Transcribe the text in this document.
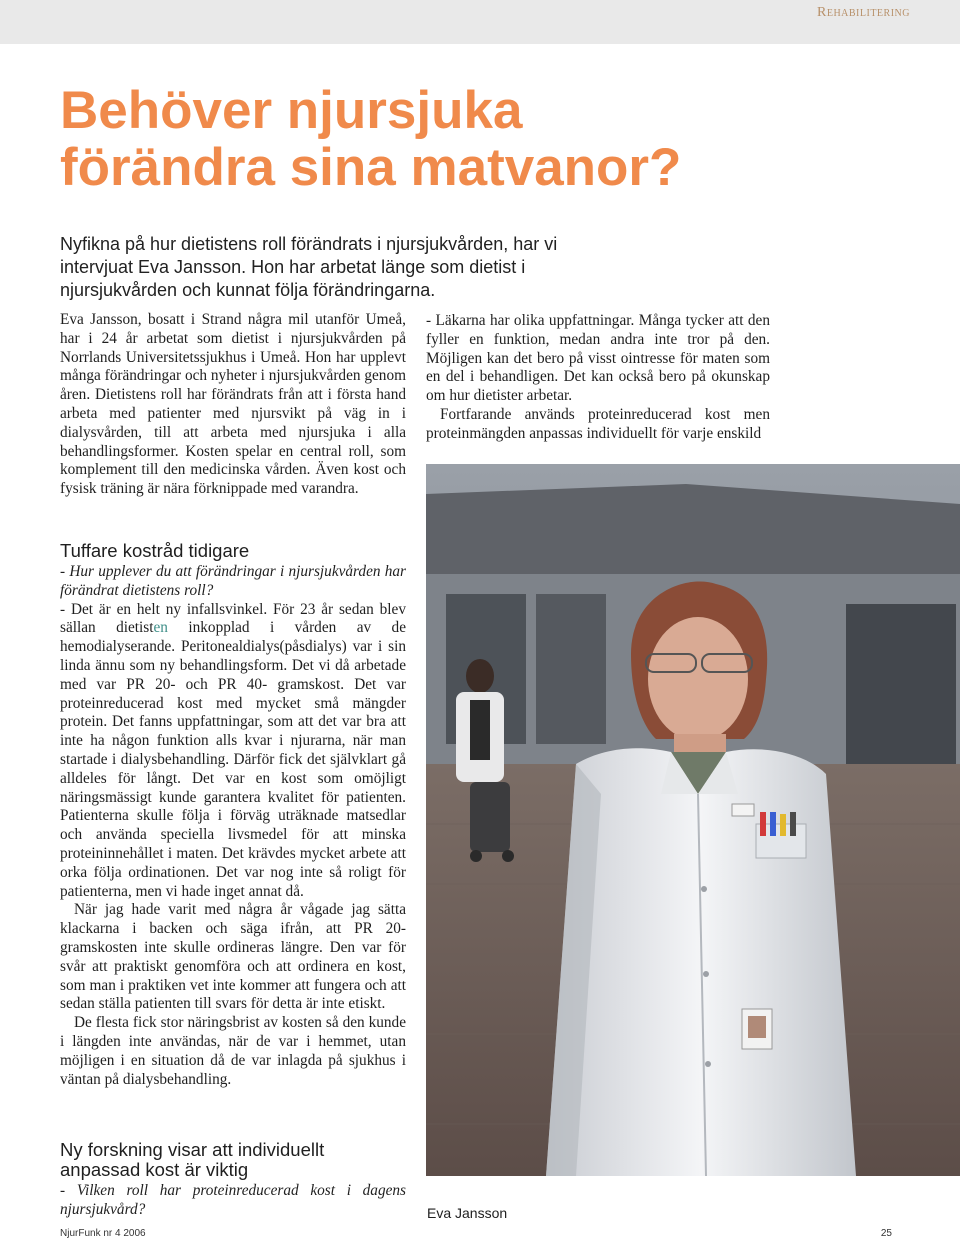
Rehabilitering
Behöver njursjuka
förändra sina matvanor?
Nyfikna på hur dietistens roll förändrats i njursjukvården, har vi
intervjuat Eva Jansson. Hon har arbetat länge som dietist i
njursjukvården och kunnat följa förändringarna.

Eva Jansson, bosatt i Strand några mil utanför Umeå, har i 24 år arbetat som dietist i njursjukvården på Norrlands Universitetssjukhus i Umeå. Hon har upplevt många förändringar och nyheter i njursjukvården genom åren. Dietistens roll har förändrats från att i första hand arbeta med patienter med njursvikt på väg in i dialysvården, till att arbeta med njursjuka i alla behandlingsformer. Kosten spelar en central roll, som komplement till den medicinska vården. Även kost och fysisk träning är nära förknippade med varandra.

Tuffare kostråd tidigare

- Hur upplever du att förändringar i njursjukvården har förändrat dietistens roll?

- Det är en helt ny infallsvinkel. För 23 år sedan blev sällan dietisten inkopplad i vården av de hemodialyserande. Peritonealdialys(påsdialys) var i sin linda ännu som ny behandlingsform. Det vi då arbetade med var PR 20- och PR 40- gramskost. Det var proteinreducerad kost med mycket små mängder protein. Det fanns uppfattningar, som att det var bra att inte ha någon funktion alls kvar i njurarna, när man startade i dialysbehandling. Därför fick det självklart gå alldeles för långt. Det var en kost som omöjligt näringsmässigt kunde garantera kvalitet för patienten. Patienterna skulle följa i förväg uträknade matsedlar och använda speciella livsmedel för att minska proteininnehållet i maten. Det krävdes mycket arbete att orka följa ordinationen. Det var nog inte så roligt för patienterna, men vi hade inget annat då.

När jag hade varit med några år vågade jag sätta klackarna i backen och säga ifrån, att PR 20- gramskosten inte skulle ordineras längre. Den var för svår att praktiskt genomföra och att ordinera en kost, som man i praktiken vet inte kommer att fungera och att sedan ställa patienten till svars för detta är inte etiskt.

De flesta fick stor näringsbrist av kosten så den kunde i längden inte användas, när de var i hemmet, utan möjligen i en situation då de var inlagda på sjukhus i väntan på dialysbehandling.

Ny forskning visar att individuellt anpassad kost är viktig

- Vilken roll har proteinreducerad kost i dagens njursjukvård?

- Läkarna har olika uppfattningar. Många tycker att den fyller en funktion, medan andra inte tror på den. Möjligen kan det bero på visst ointresse för maten som en del i behandligen. Det kan också bero på okunskap om hur dietister arbetar.

Fortfarande används proteinreducerad kost men proteinmängden anpassas individuellt för varje enskild

Eva Jansson
NjurFunk nr 4 2006	25
